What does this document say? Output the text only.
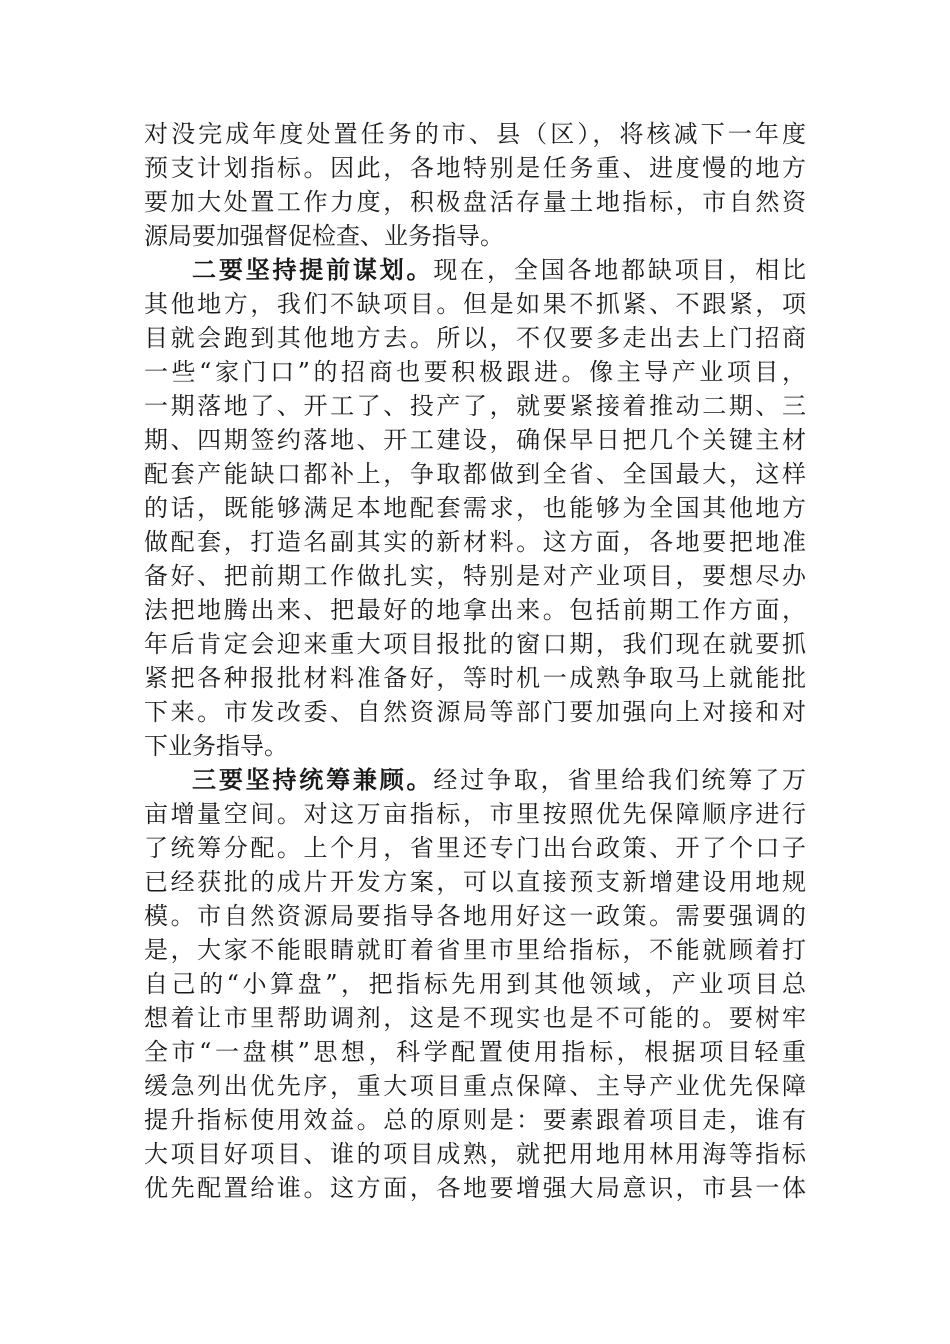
对没完成年度处置任务的市、县（区），将核减下一年度
预支计划指标。因此，各地特别是任务重、进度慢的地方
要加大处置工作力度，积极盘活存量土地指标，市自然资
源局要加强督促检查、业务指导。
二要坚持提前谋划。现在，全国各地都缺项目，相比
其他地方，我们不缺项目。但是如果不抓紧、不跟紧，项
目就会跑到其他地方去。所以，不仅要多走出去上门招商
一些“家门口”的招商也要积极跟进。像主导产业项目，
一期落地了、开工了、投产了，就要紧接着推动二期、三
期、四期签约落地、开工建设，确保早日把几个关键主材
配套产能缺口都补上，争取都做到全省、全国最大，这样
的话，既能够满足本地配套需求，也能够为全国其他地方
做配套，打造名副其实的新材料。这方面，各地要把地准
备好、把前期工作做扎实，特别是对产业项目，要想尽办
法把地腾出来、把最好的地拿出来。包括前期工作方面，
年后肯定会迎来重大项目报批的窗口期，我们现在就要抓
紧把各种报批材料准备好，等时机一成熟争取马上就能批
下来。市发改委、自然资源局等部门要加强向上对接和对
下业务指导。
三要坚持统筹兼顾。经过争取，省里给我们统筹了万
亩增量空间。对这万亩指标，市里按照优先保障顺序进行
了统筹分配。上个月，省里还专门出台政策、开了个口子
已经获批的成片开发方案，可以直接预支新增建设用地规
模。市自然资源局要指导各地用好这一政策。需要强调的
是，大家不能眼睛就盯着省里市里给指标，不能就顾着打
自己的“小算盘”，把指标先用到其他领域，产业项目总
想着让市里帮助调剂，这是不现实也是不可能的。要树牢
全市“一盘棋”思想，科学配置使用指标，根据项目轻重
缓急列出优先序，重大项目重点保障、主导产业优先保障
提升指标使用效益。总的原则是：要素跟着项目走，谁有
大项目好项目、谁的项目成熟，就把用地用林用海等指标
优先配置给谁。这方面，各地要增强大局意识，市县一体
